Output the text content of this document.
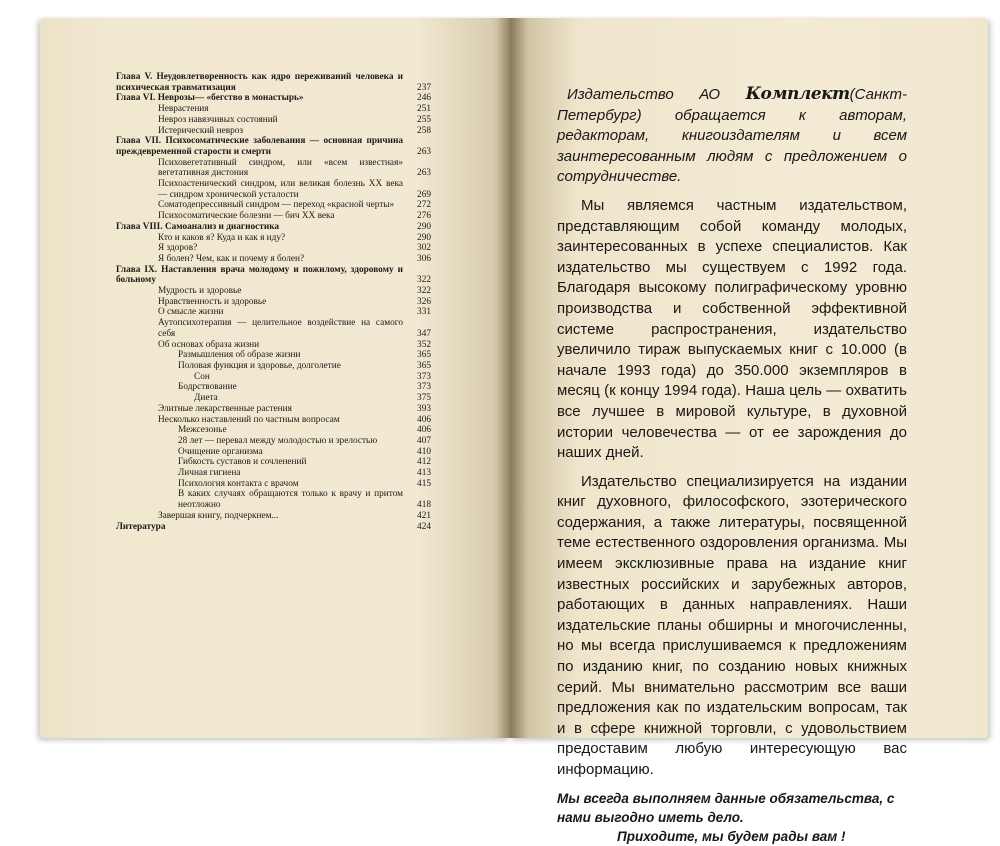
Глава V. Неудовлетворенность как ядро переживаний человека и психическая травматизация	237
Глава VI. Неврозы— «бегство в монастырь»	246
Неврастения	251
Невроз навязчивых состояний	255
Истерический невроз	258
Глава VII. Психосоматические заболевания — основная причина преждевременной старости и смерти	263
Психовегетативный синдром, или «всем известная» вегетативная дистония	263
Психоастенический синдром, или великая болезнь XX века — синдром хронической усталости	269
Соматодепрессивный синдром — переход «красной черты»	272
Психосоматические болезни — бич XX века	276
Глава VIII. Самоанализ и диагностика	290
Кто и каков я? Куда и как я иду?	290
Я здоров?	302
Я болен? Чем, как и почему я болен?	306
Глава IX. Наставления врача молодому и пожилому, здоровому и больному	322
Мудрость и здоровье	322
Нравственность и здоровье	326
О смысле жизни	331
Аутопсихотерапия — целительное воздействие на самого себя	347
Об основах образа жизни	352
Размышления об образе жизни	365
Половая функция и здоровье, долголетие	365
Сон	373
Бодрствование	373
Диета	375
Элитные лекарственные растения	393
Несколько наставлений по частным вопросам	406
Межсезонье	406
28 лет — перевал между молодостью и зрелостью	407
Очищение организма	410
Гибкость суставов и сочленений	412
Личная гигиена	413
Психология контакта с врачом	415
В каких случаях обращаются только к врачу и притом неотложно	418
Завершая книгу, подчеркнем...	421
Литература	424

Издательство АО Комплект(Санкт-Петербург) обращается к авторам, редакторам, книгоиздателям и всем заинтересованным людям с предложением о сотрудничестве.

Мы являемся частным издательством, представляющим собой команду молодых, заинтересованных в успехе специалистов. Как издательство мы существуем с 1992 года. Благодаря высокому полиграфическому уровню производства и собственной эффективной системе распространения, издательство увеличило тираж выпускаемых книг с 10.000 (в начале 1993 года) до 350.000 экземпляров в месяц (к концу 1994 года). Наша цель — охватить все лучшее в мировой культуре, в духовной истории человечества — от ее зарождения до наших дней.

Издательство специализируется на издании книг духовного, философского, эзотерического содержания, а также литературы, посвященной теме естественного оздоровления организма. Мы имеем эксклюзивные права на издание книг известных российских и зарубежных авторов, работающих в данных направлениях. Наши издательские планы обширны и многочисленны, но мы всегда прислушиваемся к предложениям по изданию книг, по созданию новых книжных серий. Мы внимательно рассмотрим все ваши предложения как по издательским вопросам, так и в сфере книжной торговли, с удовольствием предоставим любую интересующую вас информацию.

Мы всегда выполняем данные обязательства, с нами выгодно иметь дело.
Приходите, мы будем рады вам !
